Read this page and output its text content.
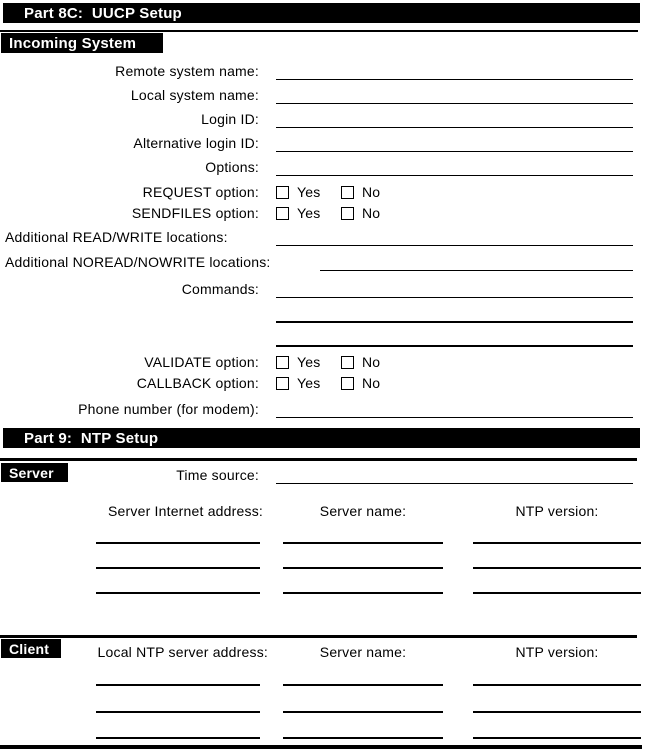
Part 8C:  UUCP Setup
Incoming System
Remote system name:
Local system name:
Login ID:
Alternative login ID:
Options:
REQUEST option:	Yes	No
SENDFILES option:	Yes	No
Additional READ/WRITE locations:
Additional NOREAD/NOWRITE locations:
Commands:
VALIDATE option:	Yes	No
CALLBACK option:	Yes	No
Phone number (for modem):
Part 9:  NTP Setup
Server	Time source:
Server Internet address:	Server name:	NTP version:
Client	Local NTP server address:	Server name:	NTP version:
